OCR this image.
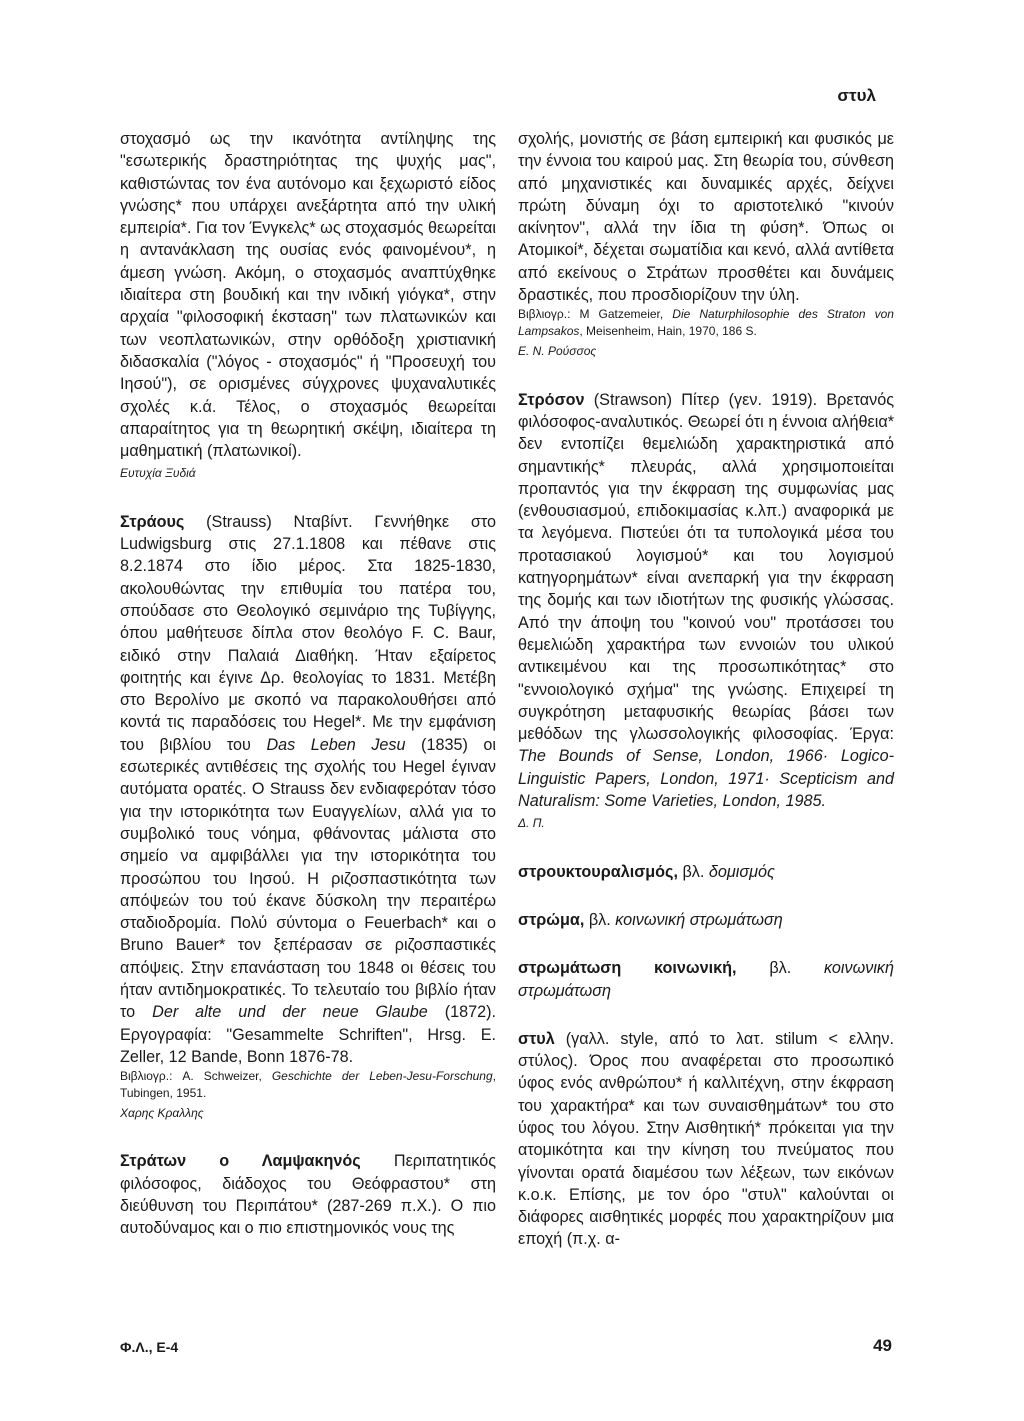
στυλ

στοχασμό ως την ικανότητα αντίληψης της "εσωτερικής δραστηριότητας της ψυχής μας", καθιστώντας τον ένα αυτόνομο και ξεχωριστό είδος γνώσης* που υπάρχει ανεξάρτητα από την υλική εμπειρία*. Για τον Ένγκελς* ως στοχασμός θεωρείται η αντανάκλαση της ουσίας ενός φαινομένου*, η άμεση γνώση. Ακόμη, ο στοχασμός αναπτύχθηκε ιδιαίτερα στη βουδική και την ινδική γιόγκα*, στην αρχαία "φιλοσοφική έκσταση" των πλατωνικών και των νεοπλατωνικών, στην ορθόδοξη χριστιανική διδασκαλία ("λόγος - στοχασμός" ή "Προσευχή του Ιησού"), σε ορισμένες σύγχρονες ψυχαναλυτικές σχολές κ.ά. Τέλος, ο στοχασμός θεωρείται απαραίτητος για τη θεωρητική σκέψη, ιδιαίτερα τη μαθηματική (πλατωνικοί).

Ευτυχία Ξυδιά

Στράους (Strauss) Νταβίντ. Γεννήθηκε στο Ludwigsburg στις 27.1.1808 και πέθανε στις 8.2.1874 στο ίδιο μέρος. Στα 1825-1830, ακολουθώντας την επιθυμία του πατέρα του, σπούδασε στο Θεολογικό σεμινάριο της Τυβίγγης, όπου μαθήτευσε δίπλα στον θεολόγο F. C. Baur, ειδικό στην Παλαιά Διαθήκη. Ήταν εξαίρετος φοιτητής και έγινε Δρ. θεολογίας το 1831. Μετέβη στο Βερολίνο με σκοπό να παρακολουθήσει από κοντά τις παραδόσεις του Hegel*. Με την εμφάνιση του βιβλίου του Das Leben Jesu (1835) οι εσωτερικές αντιθέσεις της σχολής του Hegel έγιναν αυτόματα ορατές. Ο Strauss δεν ενδιαφερόταν τόσο για την ιστορικότητα των Ευαγγελίων, αλλά για το συμβολικό τους νόημα, φθάνοντας μάλιστα στο σημείο να αμφιβάλλει για την ιστορικότητα του προσώπου του Ιησού. Η ριζοσπαστικότητα των απόψεών του τού έκανε δύσκολη την περαιτέρω σταδιοδρομία. Πολύ σύντομα ο Feuerbach* και ο Bruno Bauer* τον ξεπέρασαν σε ριζοσπαστικές απόψεις. Στην επανάσταση του 1848 οι θέσεις του ήταν αντιδημοκρατικές. Το τελευταίο του βιβλίο ήταν το Der alte und der neue Glaube (1872). Εργογραφία: "Gesammelte Schriften", Hrsg. E. Zeller, 12 Bande, Bonn 1876-78.

Βιβλιογρ.: A. Schweizer, Geschichte der Leben-Jesu-Forschung, Tubingen, 1951.

Χαρης Κραλλης

Στράτων ο Λαμψακηνός Περιπατητικός φιλόσοφος, διάδοχος του Θεόφραστου* στη διεύθυνση του Περιπάτου* (287-269 π.Χ.). Ο πιο αυτοδύναμος και ο πιο επιστημονικός νους της

σχολής, μονιστής σε βάση εμπειρική και φυσικός με την έννοια του καιρού μας. Στη θεωρία του, σύνθεση από μηχανιστικές και δυναμικές αρχές, δείχνει πρώτη δύναμη όχι το αριστοτελικό "κινούν ακίνητον", αλλά την ίδια τη φύση*. Όπως οι Ατομικοί*, δέχεται σωματίδια και κενό, αλλά αντίθετα από εκείνους ο Στράτων προσθέτει και δυνάμεις δραστικές, που προσδιορίζουν την ύλη.

Βιβλιογρ.: M Gatzemeier, Die Naturphilosophie des Straton von Lampsakos, Meisenheim, Hain, 1970, 186 S.

Ε. Ν. Ρούσσος

Στρόσον (Strawson) Πίτερ (γεν. 1919). Βρετανός φιλόσοφος-αναλυτικός. Θεωρεί ότι η έννοια αλήθεια* δεν εντοπίζει θεμελιώδη χαρακτηριστικά από σημαντικής* πλευράς, αλλά χρησιμοποιείται προπαντός για την έκφραση της συμφωνίας μας (ενθουσιασμού, επιδοκιμασίας κ.λπ.) αναφορικά με τα λεγόμενα. Πιστεύει ότι τα τυπολογικά μέσα του προτασιακού λογισμού* και του λογισμού κατηγορημάτων* είναι ανεπαρκή για την έκφραση της δομής και των ιδιοτήτων της φυσικής γλώσσας. Από την άποψη του "κοινού νου" προτάσσει του θεμελιώδη χαρακτήρα των εννοιών του υλικού αντικειμένου και της προσωπικότητας* στο "εννοιολογικό σχήμα" της γνώσης. Επιχειρεί τη συγκρότηση μεταφυσικής θεωρίας βάσει των μεθόδων της γλωσσολογικής φιλοσοφίας. Έργα: The Bounds of Sense, London, 1966· Logico-Linguistic Papers, London, 1971· Scepticism and Naturalism: Some Varieties, London, 1985.

Δ. Π.

στρουκτουραλισμός, βλ. δομισμός

στρώμα, βλ. κοινωνική στρωμάτωση

στρωμάτωση κοινωνική, βλ. κοινωνική στρωμάτωση

στυλ (γαλλ. style, από το λατ. stilum < ελλην. στύλος). Όρος που αναφέρεται στο προσωπικό ύφος ενός ανθρώπου* ή καλλιτέχνη, στην έκφραση του χαρακτήρα* και των συναισθημάτων* του στο ύφος του λόγου. Στην Αισθητική* πρόκειται για την ατομικότητα και την κίνηση του πνεύματος που γίνονται ορατά διαμέσου των λέξεων, των εικόνων κ.ο.κ. Επίσης, με τον όρο "στυλ" καλούνται οι διάφορες αισθητικές μορφές που χαρακτηρίζουν μια εποχή (π.χ. α-

Φ.Λ., Ε-4	49
